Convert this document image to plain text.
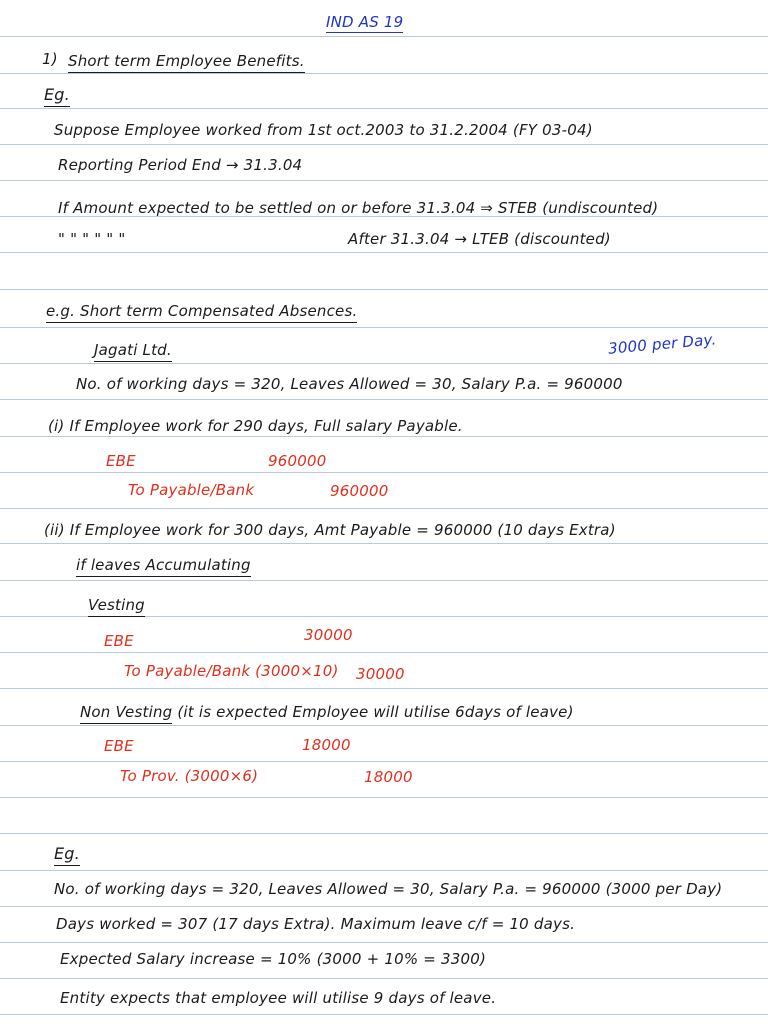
IND AS 19
1) Short term Employee Benefits.
Eg.
Suppose Employee worked from 1st oct.2003 to 31.2.2004 (FY 03-04)
Reporting Period End → 31.3.04
If Amount expected to be settled on or before 31.3.04 ⇒ STEB (undiscounted)
" " " " " "	After 31.3.04 → LTEB (discounted)
e.g. Short term Compensated Absences.
Jagati Ltd.	3000 per Day.
No. of working days = 320, Leaves Allowed = 30, Salary P.a. = 960000
(i) If Employee work for 290 days, Full salary Payable.
EBE	960000
To Payable/Bank	960000
(ii) If Employee work for 300 days, Amt Payable = 960000 (10 days Extra)
if leaves Accumulating
Vesting
EBE	30000
To Payable/Bank (3000×10) 30000
Non Vesting (it is expected Employee will utilise 6days of leave)
EBE	18000
To Prov. (3000×6)	18000
Eg.
No. of working days = 320, Leaves Allowed = 30, Salary P.a. = 960000 (3000 per Day)
Days worked = 307 (17 days Extra). Maximum leave c/f = 10 days.
Expected Salary increase = 10% (3000 + 10% = 3300)
Entity expects that employee will utilise 9 days of leave.
